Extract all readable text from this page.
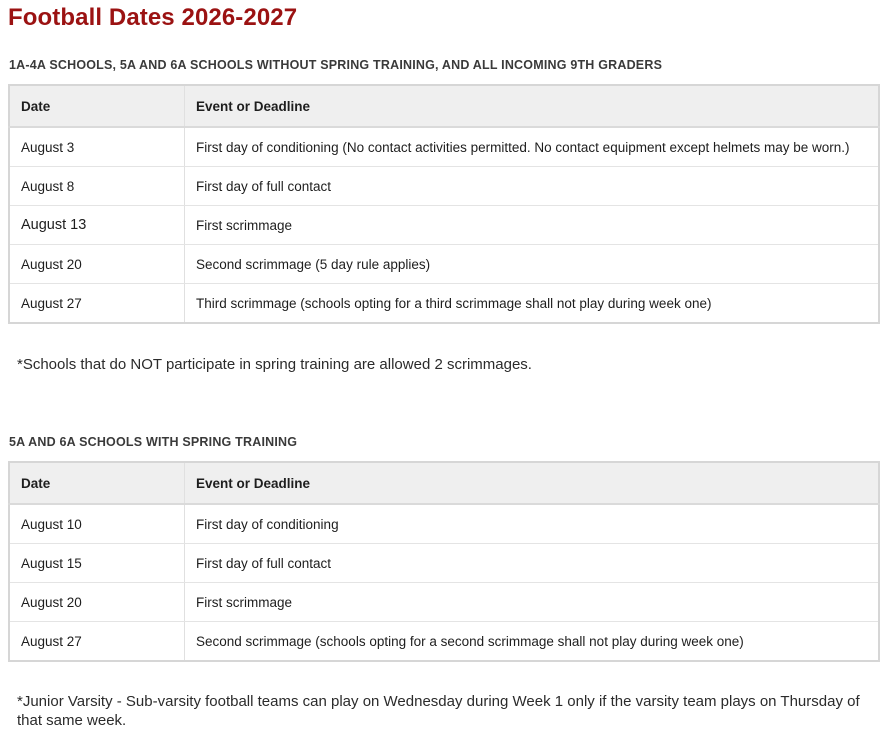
Football Dates 2026-2027
1A-4A SCHOOLS, 5A AND 6A SCHOOLS WITHOUT SPRING TRAINING, AND ALL INCOMING 9TH GRADERS
Date	Event or Deadline
August 3	First day of conditioning (No contact activities permitted. No contact equipment except helmets may be worn.)
August 8	First day of full contact
August 13	First scrimmage
August 20	Second scrimmage (5 day rule applies)
August 27	Third scrimmage (schools opting for a third scrimmage shall not play during week one)

*Schools that do NOT participate in spring training are allowed 2 scrimmages.

5A AND 6A SCHOOLS WITH SPRING TRAINING
Date	Event or Deadline
August 10	First day of conditioning
August 15	First day of full contact
August 20	First scrimmage
August 27	Second scrimmage (schools opting for a second scrimmage shall not play during week one)

*Junior Varsity - Sub-varsity football teams can play on Wednesday during Week 1 only if the varsity team plays on Thursday of that same week.
